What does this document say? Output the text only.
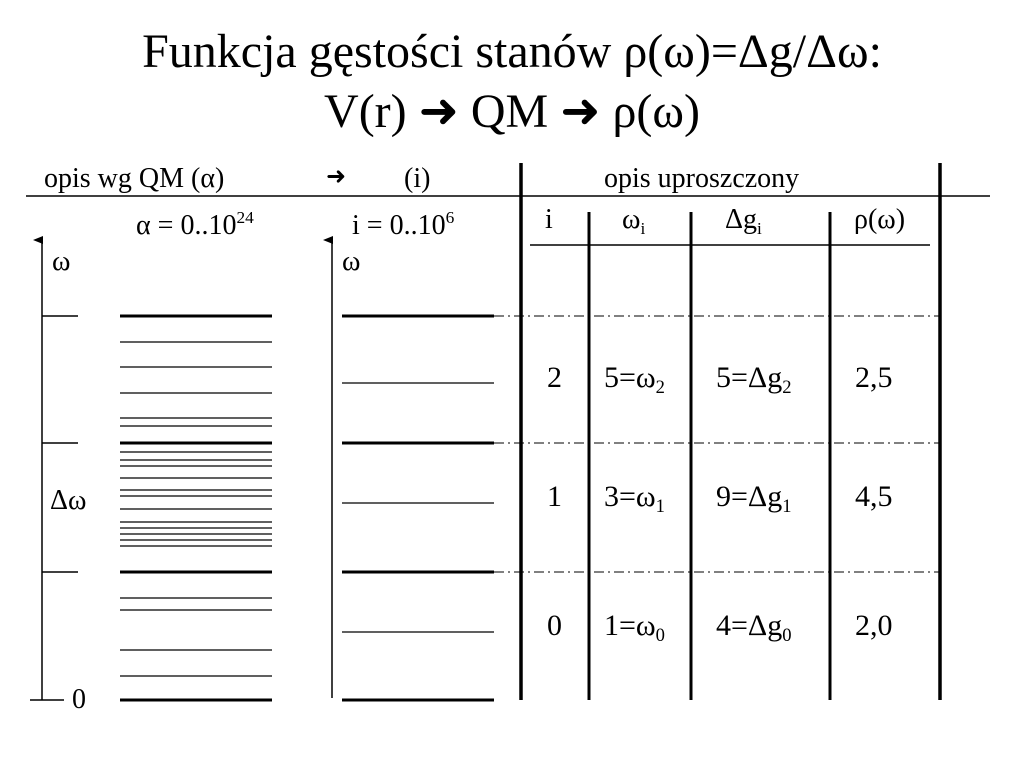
Funkcja gęstości stanów ρ(ω)=Δg/Δω:
V(r) ➜ QM ➜ ρ(ω)
opis wg QM (α)	➜ (i)	opis uproszczony
$\alpha = 0..10^{24}$	$i = 0..10^6$
ω	ω
Δω
0
i $\omega_i$	$\Delta g_i$	ρ(ω)
2 $5=\omega_2$ $5=\Delta g_2$ 2,5
1 $3=\omega_1$ $9=\Delta g_1$ 4,5
0 $1=\omega_0$ $4=\Delta g_0$ 2,0
